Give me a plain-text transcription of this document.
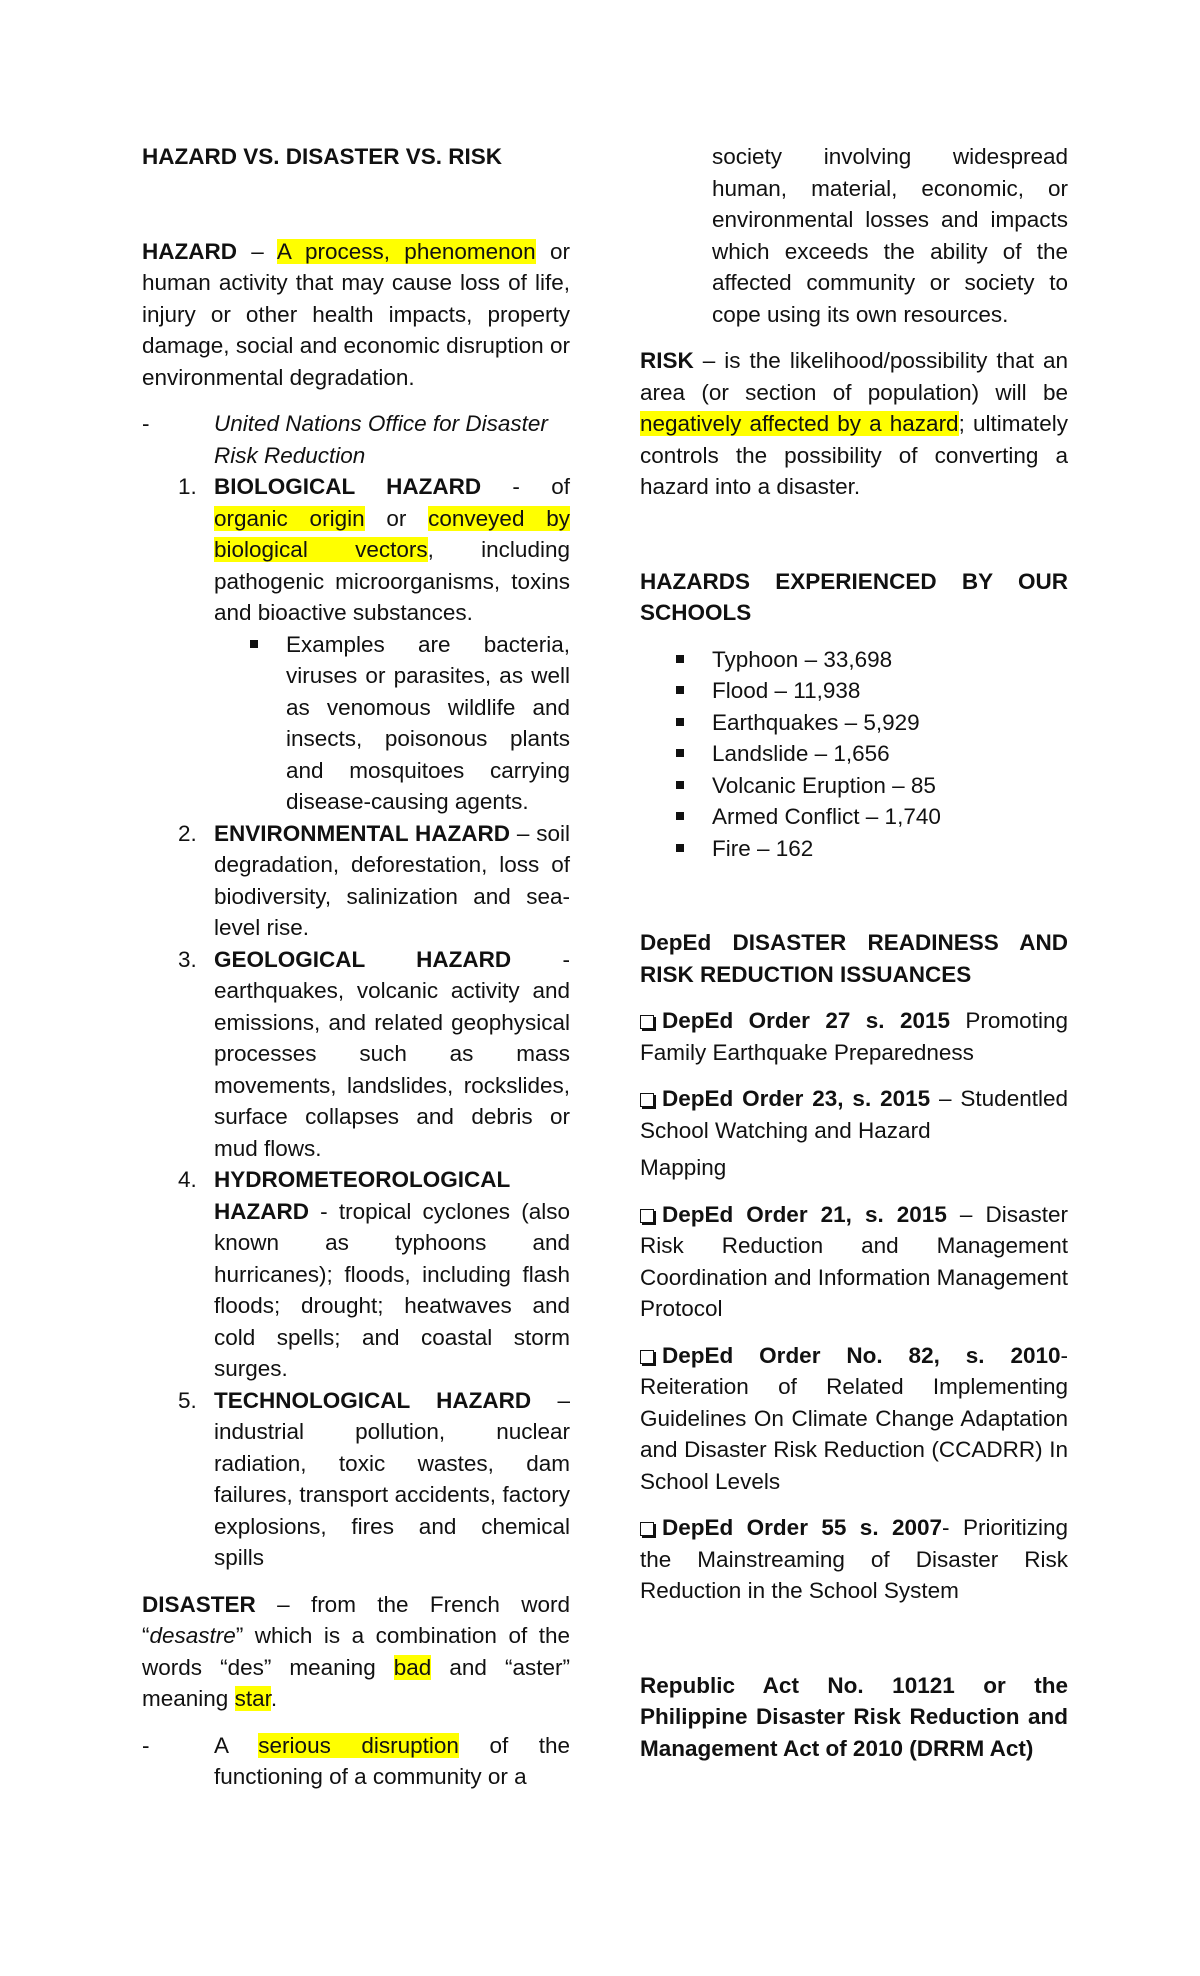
HAZARD VS. DISASTER VS. RISK

HAZARD – A process, phenomenon or human activity that may cause loss of life, injury or other health impacts, property damage, social and economic disruption or environmental degradation.

-	United Nations Office for Disaster Risk Reduction

1. BIOLOGICAL HAZARD - of organic origin or conveyed by biological vectors, including pathogenic microorganisms, toxins and bioactive substances.

Examples are bacteria, viruses or parasites, as well as venomous wildlife and insects, poisonous plants and mosquitoes carrying disease-causing agents.

2. ENVIRONMENTAL HAZARD – soil degradation, deforestation, loss of biodiversity, salinization and sea-level rise.

3. GEOLOGICAL HAZARD - earthquakes, volcanic activity and emissions, and related geophysical processes such as mass movements, landslides, rockslides, surface collapses and debris or mud flows.

4. HYDROMETEOROLOGICAL HAZARD - tropical cyclones (also known as typhoons and hurricanes); floods, including flash floods; drought; heatwaves and cold spells; and coastal storm surges.

5. TECHNOLOGICAL HAZARD – industrial pollution, nuclear radiation, toxic wastes, dam failures, transport accidents, factory explosions, fires and chemical spills

DISASTER – from the French word “desastre” which is a combination of the words “des” meaning bad and “aster” meaning star.

-	A serious disruption of the functioning of a community or a

society involving widespread human, material, economic, or environmental losses and impacts which exceeds the ability of the affected community or society to cope using its own resources.

RISK – is the likelihood/possibility that an area (or section of population) will be negatively affected by a hazard; ultimately controls the possibility of converting a hazard into a disaster.

HAZARDS EXPERIENCED BY OUR SCHOOLS

Typhoon – 33,698

Flood – 11,938

Earthquakes – 5,929

Landslide – 1,656

Volcanic Eruption – 85

Armed Conflict – 1,740

Fire – 162

DepEd DISASTER READINESS AND RISK REDUCTION ISSUANCES

DepEd Order 27 s. 2015 Promoting Family Earthquake Preparedness

DepEd Order 23, s. 2015 – Studentled School Watching and Hazard

Mapping

DepEd Order 21, s. 2015 – Disaster Risk Reduction and Management Coordination and Information Management Protocol

DepEd Order No. 82, s. 2010-Reiteration of Related Implementing Guidelines On Climate Change Adaptation and Disaster Risk Reduction (CCADRR) In School Levels

DepEd Order 55 s. 2007- Prioritizing the Mainstreaming of Disaster Risk Reduction in the School System

Republic Act No. 10121 or the Philippine Disaster Risk Reduction and Management Act of 2010 (DRRM Act)
